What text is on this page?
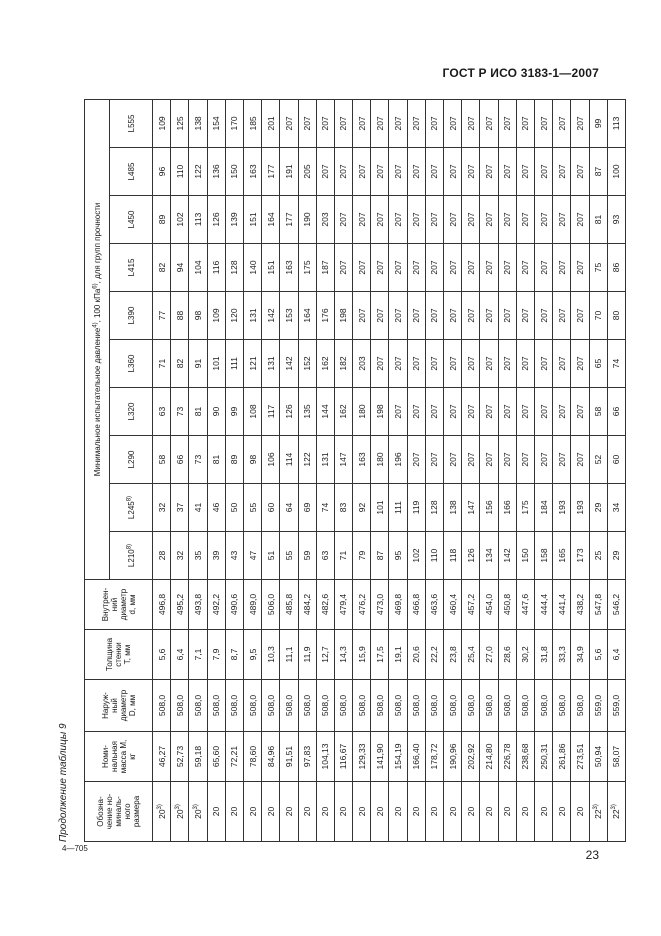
ГОСТ Р ИСО 3183-1—2007
Продолжение таблицы 9	Обозна-
чение но-
миналь-
ного
размера	Номи-
нальная
масса M,
кг	Наруж-
ный
диаметр
D, мм	Толщина
стенки
T, мм	Внутрен-
ний
диаметр
d, мм	Минимальное испытательное давление$^{4)}$, 100 кПа$^{6)}$, для групп прочности									
					L210$^{8)}$	L245$^{8)}$	L290	L320	L360	L390	L415	L450	L485	L555
20$^{3)}$	46,27	508,0	5,6	496,8	28	32	58	63	71	77	82	89	96	109
20$^{3)}$	52,73	508,0	6,4	495,2	32	37	66	73	82	88	94	102	110	125
20$^{3)}$	59,18	508,0	7,1	493,8	35	41	73	81	91	98	104	113	122	138
20	65,60	508,0	7,9	492,2	39	46	81	90	101	109	116	126	136	154
20	72,21	508,0	8,7	490,6	43	50	89	99	111	120	128	139	150	170
20	78,60	508,0	9,5	489,0	47	55	98	108	121	131	140	151	163	185
20	84,96	508,0	10,3	506,0	51	60	106	117	131	142	151	164	177	201
20	91,51	508,0	11,1	485,8	55	64	114	126	142	153	163	177	191	207
20	97,83	508,0	11,9	484,2	59	69	122	135	152	164	175	190	205	207
20	104,13	508,0	12,7	482,6	63	74	131	144	162	176	187	203	207	207
20	116,67	508,0	14,3	479,4	71	83	147	162	182	198	207	207	207	207
20	129,33	508,0	15,9	476,2	79	92	163	180	203	207	207	207	207	207
20	141,90	508,0	17,5	473,0	87	101	180	198	207	207	207	207	207	207
20	154,19	508,0	19,1	469,8	95	111	196	207	207	207	207	207	207	207
20	166,40	508,0	20,6	466,8	102	119	207	207	207	207	207	207	207	207
20	178,72	508,0	22,2	463,6	110	128	207	207	207	207	207	207	207	207
20	190,96	508,0	23,8	460,4	118	138	207	207	207	207	207	207	207	207
20	202,92	508,0	25,4	457,2	126	147	207	207	207	207	207	207	207	207
20	214,80	508,0	27,0	454,0	134	156	207	207	207	207	207	207	207	207
20	226,78	508,0	28,6	450,8	142	166	207	207	207	207	207	207	207	207
20	238,68	508,0	30,2	447,6	150	175	207	207	207	207	207	207	207	207
20	250,31	508,0	31,8	444,4	158	184	207	207	207	207	207	207	207	207
20	261,86	508,0	33,3	441,4	165	193	207	207	207	207	207	207	207	207
20	273,51	508,0	34,9	438,2	173	193	207	207	207	207	207	207	207	207
22$^{3)}$	50,94	559,0	5,6	547,8	25	29	52	58	65	70	75	81	87	99
22$^{3)}$	58,07	559,0	6,4	546,2	29	34	60	66	74	80	86	93	100	113
4—705	23
